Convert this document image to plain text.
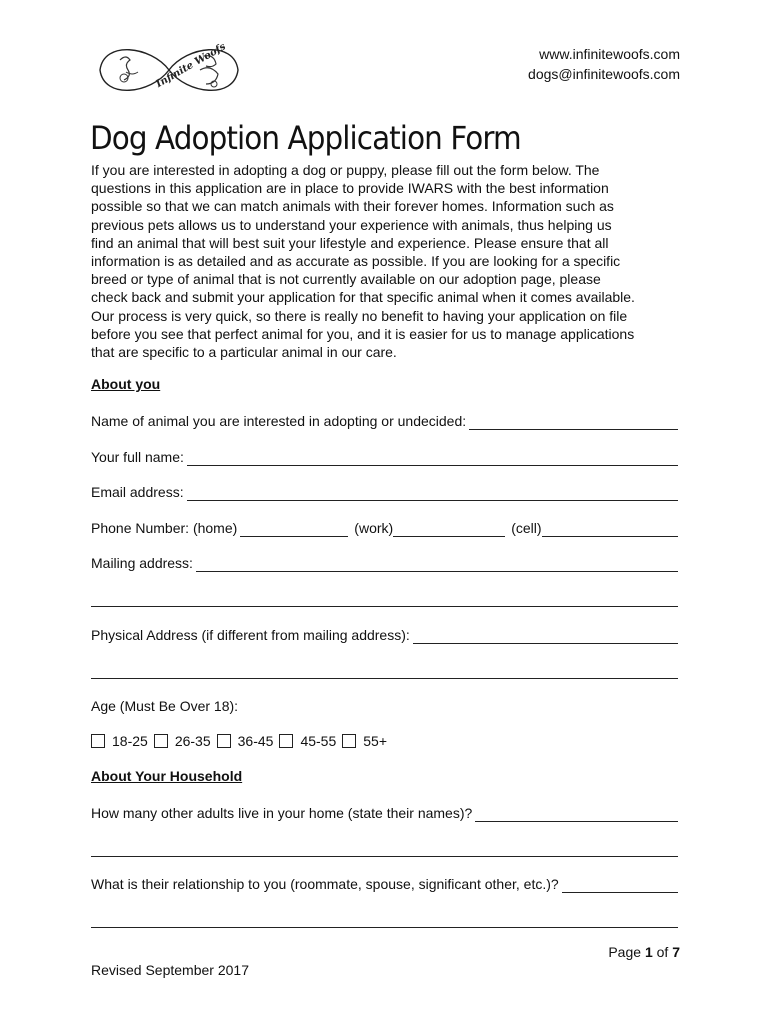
Infinite Woofs	www.infinitewoofs.com
dogs@infinitewoofs.com
Dog Adoption Application Form

If you are interested in adopting a dog or puppy, please fill out the form below. The
questions in this application are in place to provide IWARS with the best information
possible so that we can match animals with their forever homes. Information such as
previous pets allows us to understand your experience with animals, thus helping us
find an animal that will best suit your lifestyle and experience. Please ensure that all
information is as detailed and as accurate as possible. If you are looking for a specific
breed or type of animal that is not currently available on our adoption page, please
check back and submit your application for that specific animal when it comes available.
Our process is very quick, so there is really no benefit to having your application on file
before you see that perfect animal for you, and it is easier for us to manage applications
that are specific to a particular animal in our care.

About you
Name of animal you are interested in adopting or undecided:
Your full name:
Email address:
Phone Number: (home)	(work)	(cell)
Mailing address:
Physical Address (if different from mailing address):
Age (Must Be Over 18):
18-25 26-35 36-45 45-55 55+
About Your Household
How many other adults live in your home (state their names)?
What is their relationship to you (roommate, spouse, significant other, etc.)?
Page 1 of 7
Revised September 2017
